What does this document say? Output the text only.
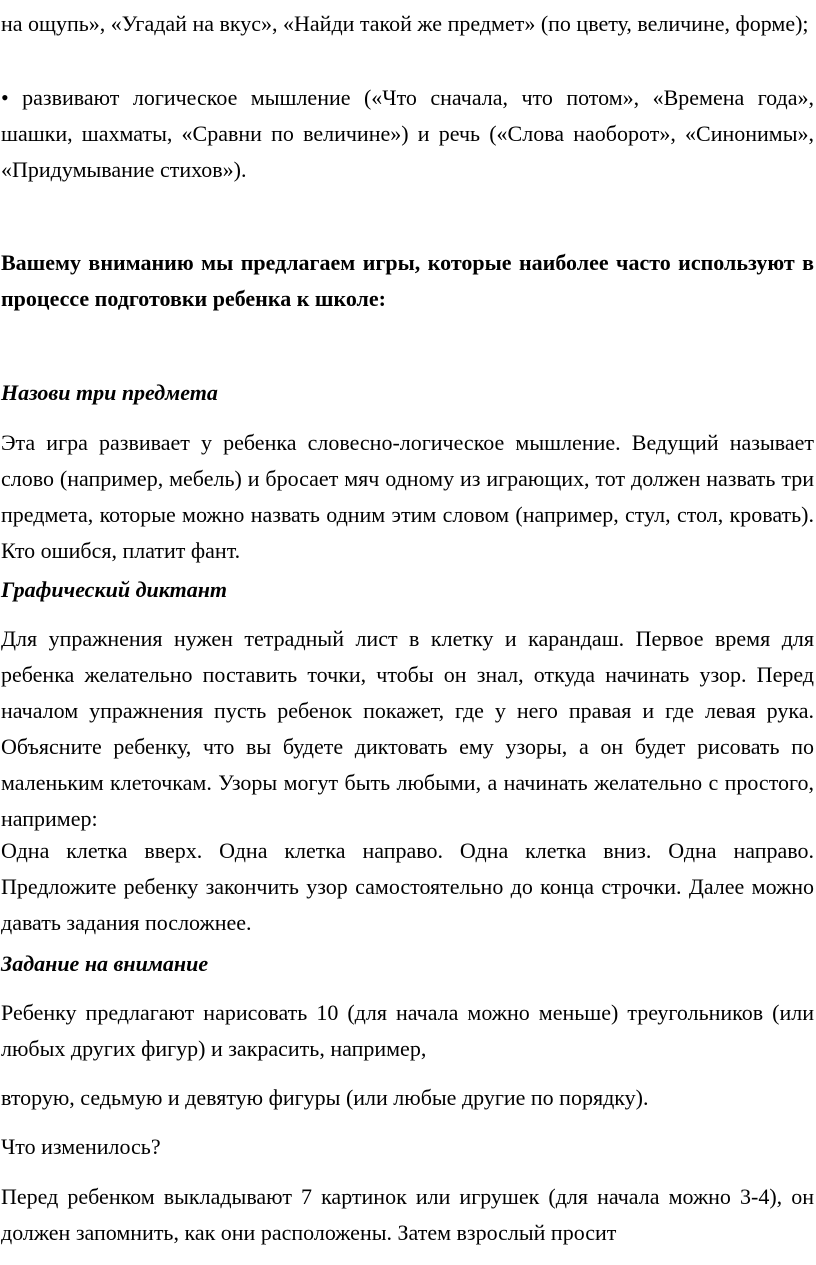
на ощупь», «Угадай на вкус», «Найди такой же предмет» (по цвету, величине, форме);

• развивают логическое мышление («Что сначала, что потом», «Времена года», шашки, шахматы, «Сравни по величине») и речь («Слова наоборот», «Синонимы», «Придумывание стихов»).

Вашему вниманию мы предлагаем игры, которые наиболее часто используют в процессе подготовки ребенка к школе:

Назови три предмета

Эта игра развивает у ребенка словесно-логическое мышление. Ведущий называет слово (например, мебель) и бросает мяч одному из играющих, тот должен назвать три предмета, которые можно назвать одним этим словом (например, стул, стол, кровать). Кто ошибся, платит фант.

Графический диктант

Для упражнения нужен тетрадный лист в клетку и карандаш. Первое время для ребенка желательно поставить точки, чтобы он знал, откуда начинать узор. Перед началом упражнения пусть ребенок покажет, где у него правая и где левая рука. Объясните ребенку, что вы будете диктовать ему узоры, а он будет рисовать по маленьким клеточкам. Узоры могут быть любыми, а начинать желательно с простого, например:

Одна клетка вверх. Одна клетка направо. Одна клетка вниз. Одна направо. Предложите ребенку закончить узор самостоятельно до конца строчки. Далее можно давать задания посложнее.

Задание на внимание

Ребенку предлагают нарисовать 10 (для начала можно меньше) треугольников (или любых других фигур) и закрасить, например,

вторую, седьмую и девятую фигуры (или любые другие по порядку).

Что изменилось?

Перед ребенком выкладывают 7 картинок или игрушек (для начала можно 3-4), он должен запомнить, как они расположены. Затем взрослый просит
